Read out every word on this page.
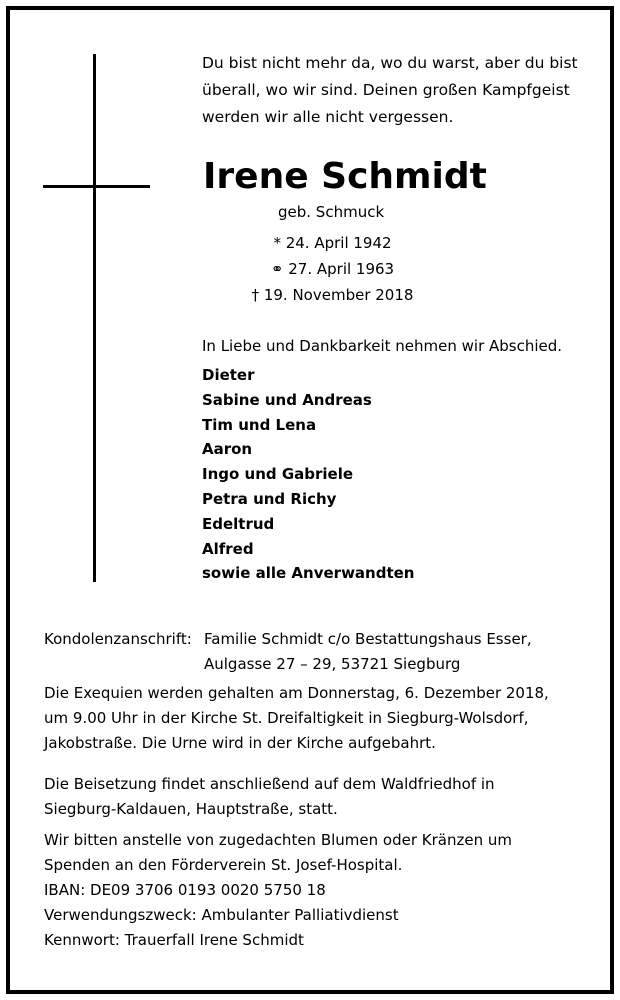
Du bist nicht mehr da, wo du warst, aber du bist
überall, wo wir sind. Deinen großen Kampfgeist
werden wir alle nicht vergessen.
Irene Schmidt
geb. Schmuck
* 24. April 1942
⚭ 27. April 1963
† 19. November 2018
In Liebe und Dankbarkeit nehmen wir Abschied.
Dieter
Sabine und Andreas
Tim und Lena
Aaron
Ingo und Gabriele
Petra und Richy
Edeltrud
Alfred
sowie alle Anverwandten
Kondolenzanschrift: Familie Schmidt c/o Bestattungshaus Esser,
Aulgasse 27 – 29, 53721 Siegburg
Die Exequien werden gehalten am Donnerstag, 6. Dezember 2018,
um 9.00 Uhr in der Kirche St. Dreifaltigkeit in Siegburg-Wolsdorf,
Jakobstraße. Die Urne wird in der Kirche aufgebahrt.
Die Beisetzung findet anschließend auf dem Waldfriedhof in
Siegburg-Kaldauen, Hauptstraße, statt.
Wir bitten anstelle von zugedachten Blumen oder Kränzen um
Spenden an den Förderverein St. Josef-Hospital.
IBAN: DE09 3706 0193 0020 5750 18
Verwendungszweck: Ambulanter Palliativdienst
Kennwort: Trauerfall Irene Schmidt
